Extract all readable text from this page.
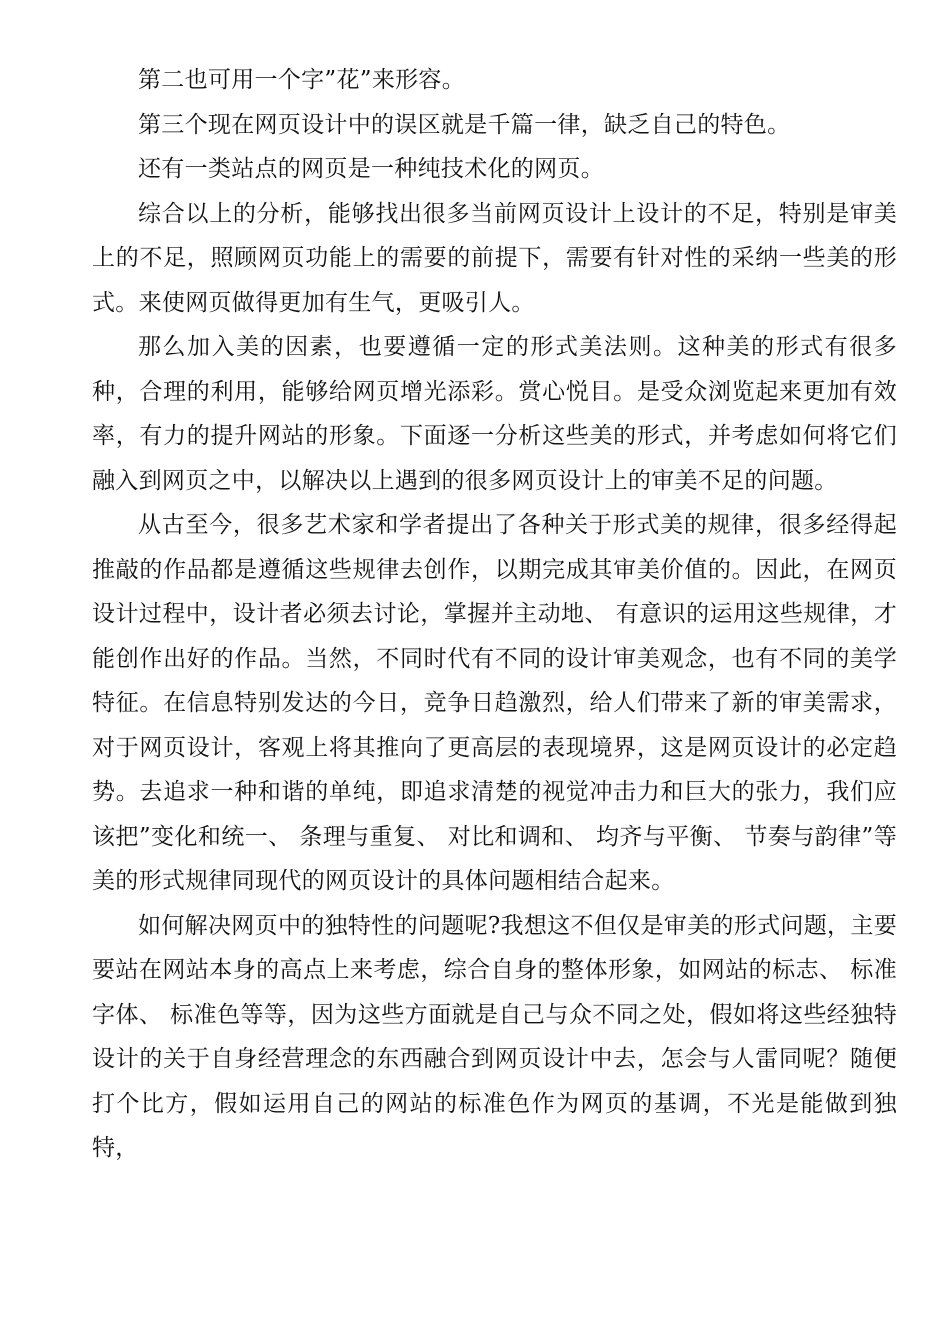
第二也可用一个字”花”来形容。

第三个现在网页设计中的误区就是千篇一律，缺乏自己的特色。

还有一类站点的网页是一种纯技术化的网页。

综合以上的分析，能够找出很多当前网页设计上设计的不足，特别是审美上的不足，照顾网页功能上的需要的前提下，需要有针对性的采纳一些美的形式。来使网页做得更加有生气，更吸引人。

那么加入美的因素，也要遵循一定的形式美法则。这种美的形式有很多种，合理的利用，能够给网页增光添彩。赏心悦目。是受众浏览起来更加有效率，有力的提升网站的形象。下面逐一分析这些美的形式，并考虑如何将它们融入到网页之中，以解决以上遇到的很多网页设计上的审美不足的问题。

从古至今，很多艺术家和学者提出了各种关于形式美的规律，很多经得起推敲的作品都是遵循这些规律去创作，以期完成其审美价值的。因此，在网页设计过程中，设计者必须去讨论，掌握并主动地、 有意识的运用这些规律，才能创作出好的作品。当然，不同时代有不同的设计审美观念，也有不同的美学特征。在信息特别发达的今日，竞争日趋激烈，给人们带来了新的审美需求，对于网页设计，客观上将其推向了更高层的表现境界，这是网页设计的必定趋势。去追求一种和谐的单纯，即追求清楚的视觉冲击力和巨大的张力，我们应该把”变化和统一、 条理与重复、 对比和调和、 均齐与平衡、 节奏与韵律”等美的形式规律同现代的网页设计的具体问题相结合起来。

如何解决网页中的独特性的问题呢?我想这不但仅是审美的形式问题，主要要站在网站本身的高点上来考虑，综合自身的整体形象，如网站的标志、 标准字体、 标准色等等，因为这些方面就是自己与众不同之处，假如将这些经独特设计的关于自身经营理念的东西融合到网页设计中去，怎会与人雷同呢？随便打个比方，假如运用自己的网站的标准色作为网页的基调，不光是能做到独特，
